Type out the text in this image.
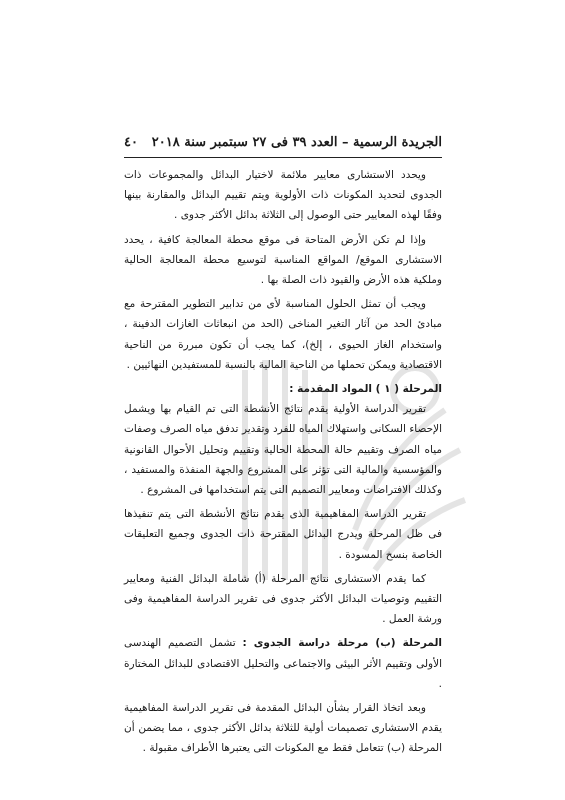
الجريدة الرسمية – العدد ٣٩ فى ٢٧ سبتمبر سنة ٢٠١٨
٤٠

ويحدد الاستشارى معايير ملائمة لاختيار البدائل والمجموعات ذات الجدوى لتحديد المكونات ذات الأولوية ويتم تقييم البدائل والمقارنة بينها وفقًا لهذه المعايير حتى الوصول إلى الثلاثة بدائل الأكثر جدوى .

وإذا لم تكن الأرض المتاحة فى موقع محطة المعالجة كافية ، يحدد الاستشارى الموقع/ المواقع المناسبة لتوسيع محطة المعالجة الحالية وملكية هذه الأرض والقيود ذات الصلة بها .

ويجب أن تمثل الحلول المناسبة لأى من تدابير التطوير المقترحة مع مبادئ الحد من آثار التغير المناخى (الحد من انبعاثات الغازات الدفينة ، واستخدام الغاز الحيوى ، إلخ)، كما يجب أن تكون مبررة من الناحية الاقتصادية ويمكن تحملها من الناحية المالية بالنسبة للمستفيدين النهائيين .

المرحلة ( ١ ) المواد المقدمة :

تقرير الدراسة الأولية يقدم نتائج الأنشطة التى تم القيام بها ويشمل الإحصاء السكانى واستهلاك المياه للفرد وتقدير تدفق مياه الصرف وصفات مياه الصرف وتقييم حالة المحطة الحالية وتقييم وتحليل الأحوال القانونية والمؤسسية والمالية التى تؤثر على المشروع والجهة المنفذة والمستفيد ، وكذلك الافتراضات ومعايير التصميم التى يتم استخدامها فى المشروع .

تقرير الدراسة المفاهيمية الذى يقدم نتائج الأنشطة التى يتم تنفيذها فى ظل المرحلة ويدرج البدائل المقترحة ذات الجدوى وجميع التعليقات الخاصة بنسخ المسودة .

كما يقدم الاستشارى نتائج المرحلة (أ) شاملة البدائل الفنية ومعايير التقييم وتوصيات البدائل الأكثر جدوى فى تقرير الدراسة المفاهيمية وفى ورشة العمل .

المرحلة (ب) مرحلة دراسة الجدوى : تشمل التصميم الهندسى الأولى وتقييم الأثر البيئى والاجتماعى والتحليل الاقتصادى للبدائل المختارة .

وبعد اتخاذ القرار بشأن البدائل المقدمة فى تقرير الدراسة المفاهيمية يقدم الاستشارى تصميمات أولية للثلاثة بدائل الأكثر جدوى ، مما يضمن أن المرحلة (ب) تتعامل فقط مع المكونات التى يعتبرها الأطراف مقبولة .
